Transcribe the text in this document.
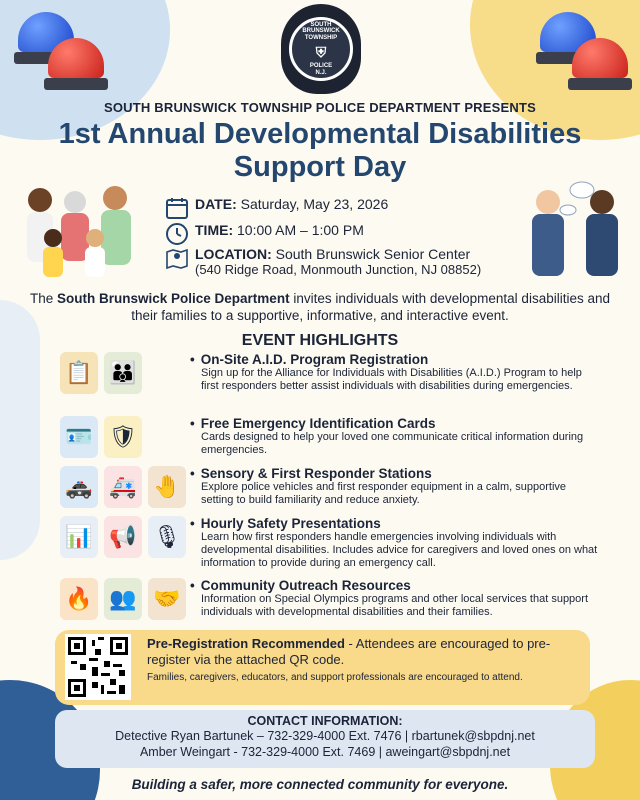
SOUTH BRUNSWICK TOWNSHIP
⛨
POLICE
N.J.
SOUTH BRUNSWICK TOWNSHIP POLICE DEPARTMENT PRESENTS
1st Annual Developmental Disabilities Support Day
DATE: Saturday, May 23, 2026
TIME: 10:00 AM – 1:00 PM
LOCATION: South Brunswick Senior Center
(540 Ridge Road, Monmouth Junction, NJ 08852)
The South Brunswick Police Department invites individuals with developmental disabilities and their families to a supportive, informative, and interactive event.
EVENT HIGHLIGHTS
📋 👪
• On-Site A.I.D. Program Registration
Sign up for the Alliance for Individuals with Disabilities (A.I.D.) Program to help first responders better assist individuals with disabilities during emergencies.
🪪 🛡
• Free Emergency Identification Cards
Cards designed to help your loved one communicate critical information during emergencies.
🚓 🚑 🤚
• Sensory & First Responder Stations
Explore police vehicles and first responder equipment in a calm, supportive setting to build familiarity and reduce anxiety.
📊 📢 🎙
• Hourly Safety Presentations
Learn how first responders handle emergencies involving individuals with developmental disabilities. Includes advice for caregivers and loved ones on what information to provide during an emergency call.
🔥 👥 🤝
• Community Outreach Resources
Information on Special Olympics programs and other local services that support individuals with developmental disabilities and their families.
Pre-Registration Recommended - Attendees are encouraged to pre-register via the attached QR code.
Families, caregivers, educators, and support professionals are encouraged to attend.
CONTACT INFORMATION:
Detective Ryan Bartunek – 732-329-4000 Ext. 7476 | rbartunek@sbpdnj.net
Amber Weingart - 732-329-4000 Ext. 7469 | aweingart@sbpdnj.net
Building a safer, more connected community for everyone.
